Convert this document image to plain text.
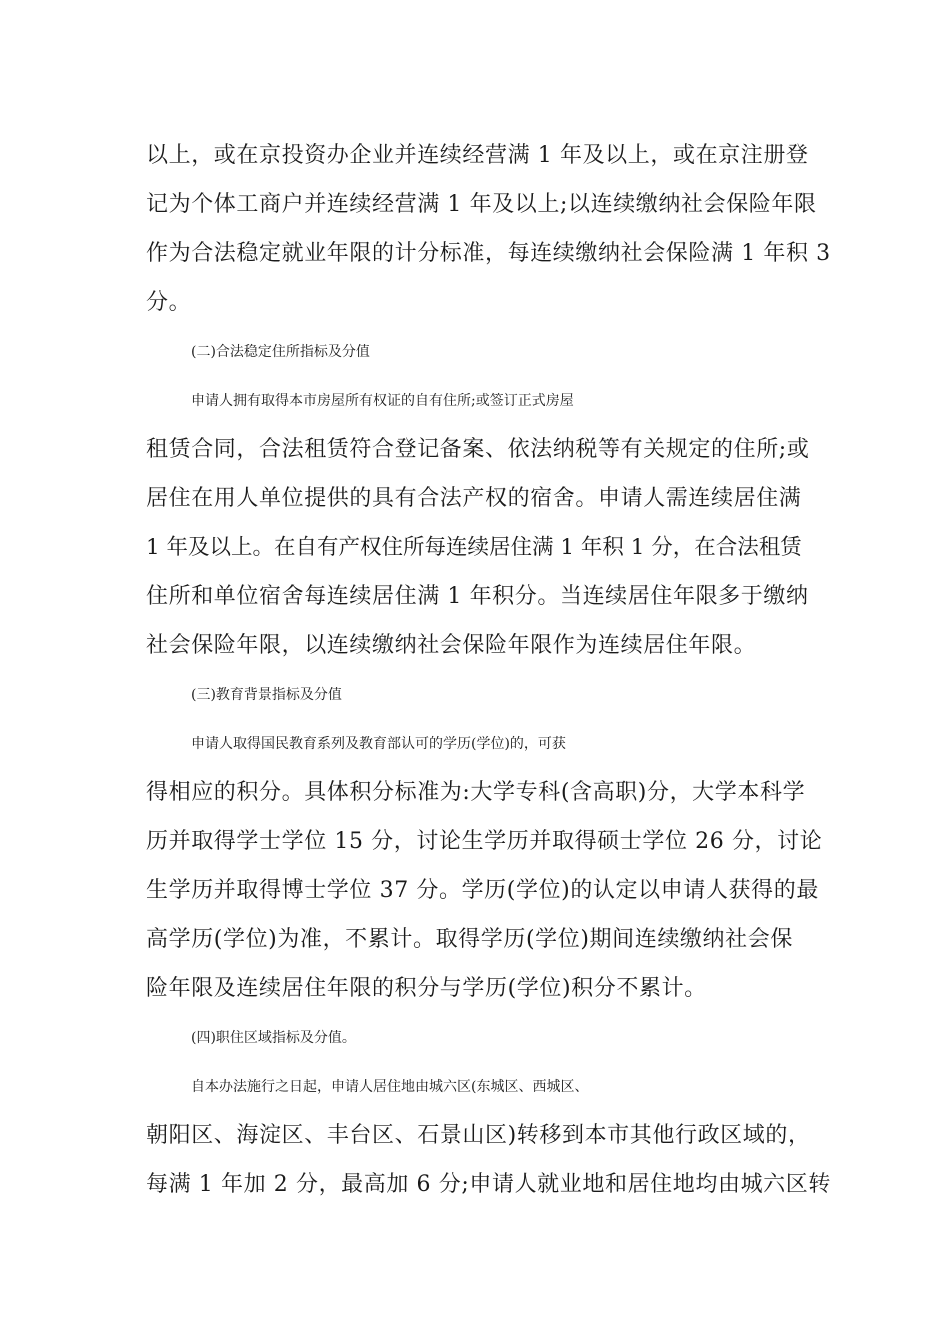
以上，或在京投资办企业并连续经营满 1 年及以上，或在京注册登
记为个体工商户并连续经营满 1 年及以上;以连续缴纳社会保险年限
作为合法稳定就业年限的计分标准，每连续缴纳社会保险满 1 年积 3
分。
(二)合法稳定住所指标及分值
申请人拥有取得本市房屋所有权证的自有住所;或签订正式房屋
租赁合同，合法租赁符合登记备案、依法纳税等有关规定的住所;或
居住在用人单位提供的具有合法产权的宿舍。申请人需连续居住满
1 年及以上。在自有产权住所每连续居住满 1 年积 1 分，在合法租赁
住所和单位宿舍每连续居住满 1 年积分。当连续居住年限多于缴纳
社会保险年限，以连续缴纳社会保险年限作为连续居住年限。
(三)教育背景指标及分值
申请人取得国民教育系列及教育部认可的学历(学位)的，可获
得相应的积分。具体积分标准为:大学专科(含高职)分，大学本科学
历并取得学士学位 15 分，讨论生学历并取得硕士学位 26 分，讨论
生学历并取得博士学位 37 分。学历(学位)的认定以申请人获得的最
高学历(学位)为准，不累计。取得学历(学位)期间连续缴纳社会保
险年限及连续居住年限的积分与学历(学位)积分不累计。
(四)职住区域指标及分值。
自本办法施行之日起，申请人居住地由城六区(东城区、西城区、
朝阳区、海淀区、丰台区、石景山区)转移到本市其他行政区域的，
每满 1 年加 2 分，最高加 6 分;申请人就业地和居住地均由城六区转
